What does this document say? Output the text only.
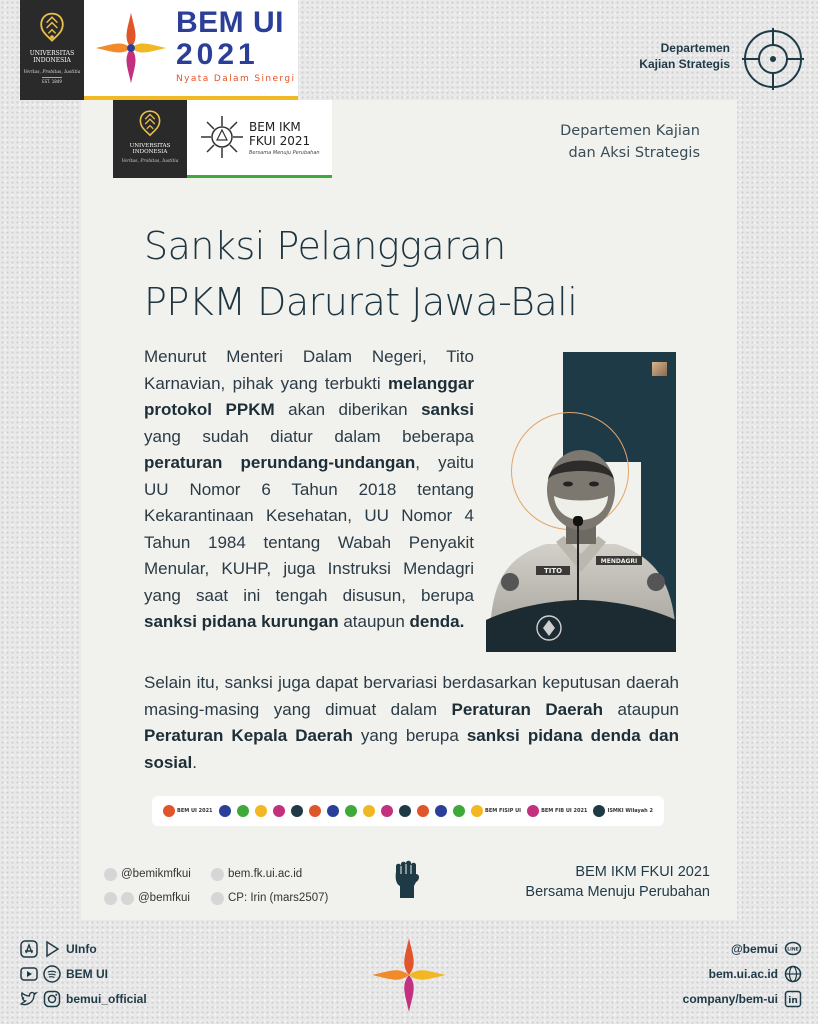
UNIVERSITAS INDONESIA
Veritas, Probitas, Iustitia
EST. 1849
BEM UI
2021
Nyata Dalam Sinergi
Departemen
Kajian Strategis
UNIVERSITAS INDONESIA
Veritas, Probitas, Iustitia
BEM IKM
FKUI 2021
Bersama Menuju Perubahan
Departemen Kajian
dan Aksi Strategis
Sanksi Pelanggaran
PPKM Darurat Jawa-Bali

Menurut Menteri Dalam Negeri, Tito Karnavian, pihak yang terbukti melanggar protokol PPKM akan diberikan sanksi yang sudah diatur dalam beberapa peraturan perundang-undangan, yaitu UU Nomor 6 Tahun 2018 tentang Kekarantinaan Kesehatan, UU Nomor 4 Tahun 1984 tentang Wabah Penyakit Menular, KUHP, juga Instruksi Mendagri yang saat ini tengah disusun, berupa sanksi pidana kurungan ataupun denda.

TITO
MENDAGRI

Selain itu, sanksi juga dapat bervariasi berdasarkan keputusan daerah masing-masing yang dimuat dalam Peraturan Daerah ataupun Peraturan Kepala Daerah yang berupa sanksi pidana denda dan sosial.

BEM UI 2021	BEM FISIP UI	BEM FIB UI 2021	ISMKI Wilayah 2
@bemikmfkui
@bemfkui
bem.fk.ui.ac.id
CP: Irin (mars2507)
BEM IKM FKUI 2021
Bersama Menuju Perubahan
UInfo
BEM UI
bemui_official
@bemui LINE
bem.ui.ac.id
company/bem-ui in
